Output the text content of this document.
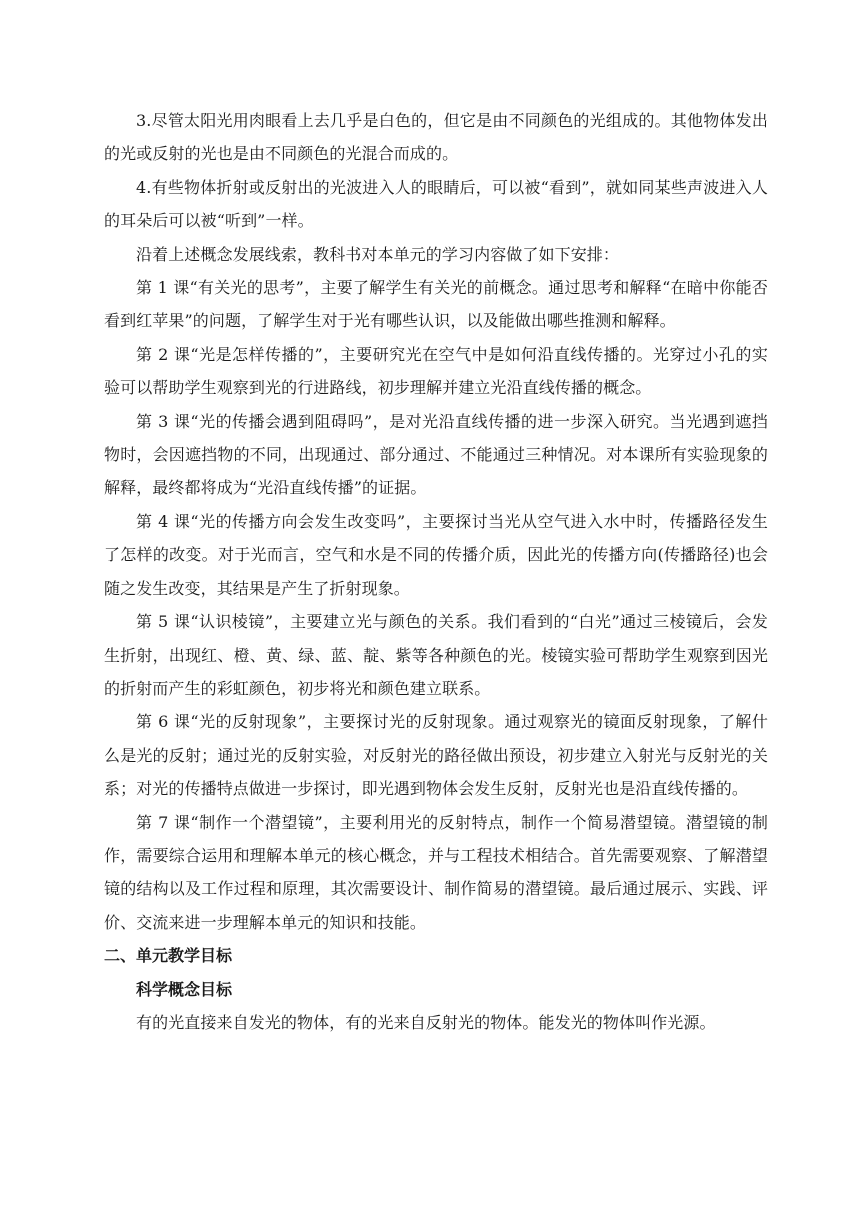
3.尽管太阳光用肉眼看上去几乎是白色的，但它是由不同颜色的光组成的。其他物体发出的光或反射的光也是由不同颜色的光混合而成的。

4.有些物体折射或反射出的光波进入人的眼睛后，可以被“看到”，就如同某些声波进入人的耳朵后可以被“听到”一样。

沿着上述概念发展线索，教科书对本单元的学习内容做了如下安排：

第 1 课“有关光的思考”，主要了解学生有关光的前概念。通过思考和解释“在暗中你能否看到红苹果”的问题，了解学生对于光有哪些认识，以及能做出哪些推测和解释。

第 2 课“光是怎样传播的”，主要研究光在空气中是如何沿直线传播的。光穿过小孔的实验可以帮助学生观察到光的行进路线，初步理解并建立光沿直线传播的概念。

第 3 课“光的传播会遇到阻碍吗”，是对光沿直线传播的进一步深入研究。当光遇到遮挡物时，会因遮挡物的不同，出现通过、部分通过、不能通过三种情况。对本课所有实验现象的解释，最终都将成为“光沿直线传播”的证据。

第 4 课“光的传播方向会发生改变吗”，主要探讨当光从空气进入水中时，传播路径发生了怎样的改变。对于光而言，空气和水是不同的传播介质，因此光的传播方向(传播路径)也会随之发生改变，其结果是产生了折射现象。

第 5 课“认识棱镜”，主要建立光与颜色的关系。我们看到的“白光”通过三棱镜后，会发生折射，出现红、橙、黄、绿、蓝、靛、紫等各种颜色的光。棱镜实验可帮助学生观察到因光的折射而产生的彩虹颜色，初步将光和颜色建立联系。

第 6 课“光的反射现象”，主要探讨光的反射现象。通过观察光的镜面反射现象，了解什么是光的反射；通过光的反射实验，对反射光的路径做出预设，初步建立入射光与反射光的关系；对光的传播特点做进一步探讨，即光遇到物体会发生反射，反射光也是沿直线传播的。

第 7 课“制作一个潜望镜”，主要利用光的反射特点，制作一个简易潜望镜。潜望镜的制作，需要综合运用和理解本单元的核心概念，并与工程技术相结合。首先需要观察、了解潜望镜的结构以及工作过程和原理，其次需要设计、制作简易的潜望镜。最后通过展示、实践、评价、交流来进一步理解本单元的知识和技能。

二、单元教学目标

科学概念目标

有的光直接来自发光的物体，有的光来自反射光的物体。能发光的物体叫作光源。
